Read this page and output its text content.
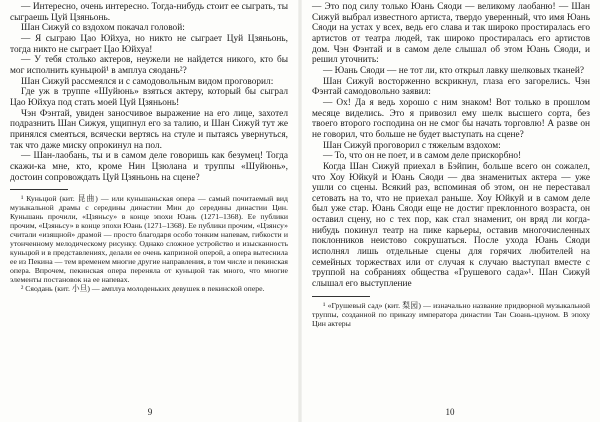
— Интересно, очень интересно. Тогда-нибудь стоит ее сыграть, ты сыграешь Цуй Цзяньонь.

Шан Сижуй со вздохом покачал головой:

— Я сыграю Цао Юйхуа, но никто не сыграет Цуй Цзяньонь, тогда никто не сыграет Цао Юйхуа!

— У тебя столько актеров, неужели не найдется никого, кто бы мог исполнить куньцюй¹ в амплуа сяодань²?

Шан Сижуй рассмеялся и с самодовольным видом проговорил:

Где уж в труппе «Шуйюнь» взяться актеру, который бы сыграл Цао Юйхуа под стать моей Цуй Цзяньонь!

Чэн Фэнтай, увиден заносчивое выражение на его лице, захотел подразнить Шан Сижуя, ущипнул его за талию, и Шан Сижуй тут же принялся смеяться, всячески вертясь на стуле и пытаясь увернуться, так что даже миску опрокинул на пол.

— Шан-лаобань, ты и в самом деле говоришь как безумец! Тогда скажи-ка мне, кто, кроме Нин Цзюлана и труппы «Шуйюнь», достоин сопровождать Цуй Цзяньонь на сцене?

¹ Куньцюй (кит. 昆曲) — или куньшаньская опера — самый почитаемый вид музыкальной драмы с середины династии Мин до середины династии Цин. Куньшань прочили, «Цзяньсу» в конце эпохи Юань (1271–1368). Ее публики прочим, «Цзяньсу» в конце эпохи Юань (1271–1368). Ее публики прочим, «Цзянсу» считали «изящной» драмой — просто благодаря особо тонким напевам, гибкости и утонченному мелодическому рисунку. Однако сложное устройство и изысканность куньцюй и в представлениях, делали ее очень капризной оперой, а опера вытеснила ее из Пекина — тем временем многие другие направления, в том числе и пекинская опера. Впрочем, пекинская опера переняла от куньцюй так много, что многие элементы постановок на ее напевах.

² Сяодань (кит. 小旦) — амплуа молоденьких девушек в пекинской опере.

9

— Это под силу только Юань Сяоди — великому лаобаню! — Шан Сижуй выбрал известного артиста, твердо уверенный, что имя Юань Сяоди на устах у всех, ведь его слава и так широко простиралась его артистов от театра людей, так широко простиралась его артистов дом. Чэн Фэнтай и в самом деле слышал об этом Юань Сяоди, и решил уточнить:

— Юань Сяоди — не тот ли, кто открыл лавку шелковых тканей?

Шан Сижуй восторженно вскрикнул, глаза его загорелись. Чэн Фэнтай самодовольно заявил:

— Ох! Да я ведь хорошо с ним знаком! Вот только в прошлом месяце виделись. Это я привозил ему шелк высшего сорта, без твоего второго господина он не смог бы начать торговлю! А разве он не говорил, что больше не будет выступать на сцене?

Шан Сижуй проговорил с тяжелым вздохом:

— То, что он не поет, и в самом деле прискорбно!

Когда Шан Сижуй приехал в Бэйпин, больше всего он сожалел, что Хоу Юйкуй и Юань Сяоди — два знаменитых актера — уже ушли со сцены. Всякий раз, вспоминая об этом, он не переставал сетовать на то, что не приехал раньше. Хоу Юйкуй и в самом деле был уже стар. Юань Сяоди еще не достиг преклонного возраста, он оставил сцену, но с тех пор, как стал знаменит, он вряд ли когда-нибудь покинул театр на пике карьеры, оставив многочисленных поклонников неистово сокрушаться. После ухода Юань Сяоди исполнял лишь отдельные сцены для горячих любителей на семейных торжествах или от случая к случаю выступал вместе с труппой на собраниях общества «Грушевого сада»¹. Шан Сижуй слышал его выступление

¹ «Грушевый сад» (кит. 梨园) — изначально название придворной музыкальной труппы, созданной по приказу императора династии Тан Сюань-цзуном. В эпоху Цин актеры

10
